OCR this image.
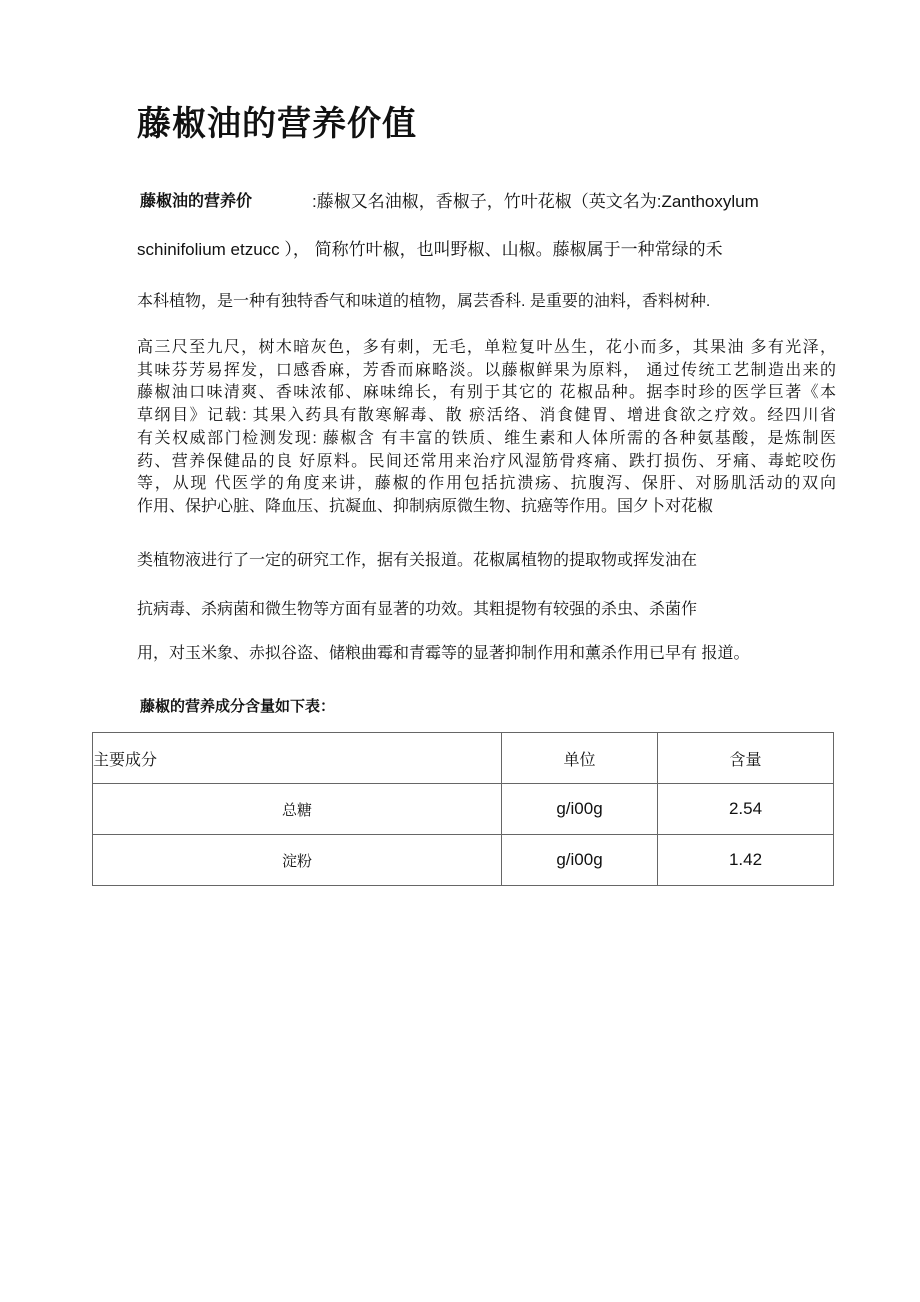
藤椒油的营养价值
藤椒油的营养价	:藤椒又名油椒，香椒子，竹叶花椒（英文名为:Zanthoxylum
schinifolium etzucc ）， 简称竹叶椒，也叫野椒、山椒。藤椒属于一种常绿的禾
本科植物，是一种有独特香气和味道的植物，属芸香科. 是重要的油料，香料树种.
高三尺至九尺，树木暗灰色，多有刺，无毛，单粒复叶丛生，花小而多，其果油 多有光泽，
其味芬芳易挥发，口感香麻，芳香而麻略淡。以藤椒鲜果为原料， 通过传统工艺制造出来的
藤椒油口味清爽、香味浓郁、麻味绵长，有别于其它的 花椒品种。据李时珍的医学巨著《本
草纲目》记载: 其果入药具有散寒解毒、散 瘀活络、消食健胃、增进食欲之疗效。经四川省
有关权威部门检测发现: 藤椒含 有丰富的铁质、维生素和人体所需的各种氨基酸，是炼制医
药、营养保健品的良 好原料。民间还常用来治疗风湿筋骨疼痛、跌打损伤、牙痛、毒蛇咬伤
等，从现 代医学的角度来讲，藤椒的作用包括抗溃疡、抗腹泻、保肝、对肠肌活动的双向
作用、保护心脏、降血压、抗凝血、抑制病原微生物、抗癌等作用。国夕卜对花椒
类植物液进行了一定的研究工作，据有关报道。花椒属植物的提取物或挥发油在
抗病毒、杀病菌和微生物等方面有显著的功效。其粗提物有较强的杀虫、杀菌作
用，对玉米象、赤拟谷盗、储粮曲霉和青霉等的显著抑制作用和薰杀作用已早有 报道。
藤椒的营养成分含量如下表：
主要成分	单位	含量
总糖	g/i00g	2.54
淀粉	g/i00g	1.42
